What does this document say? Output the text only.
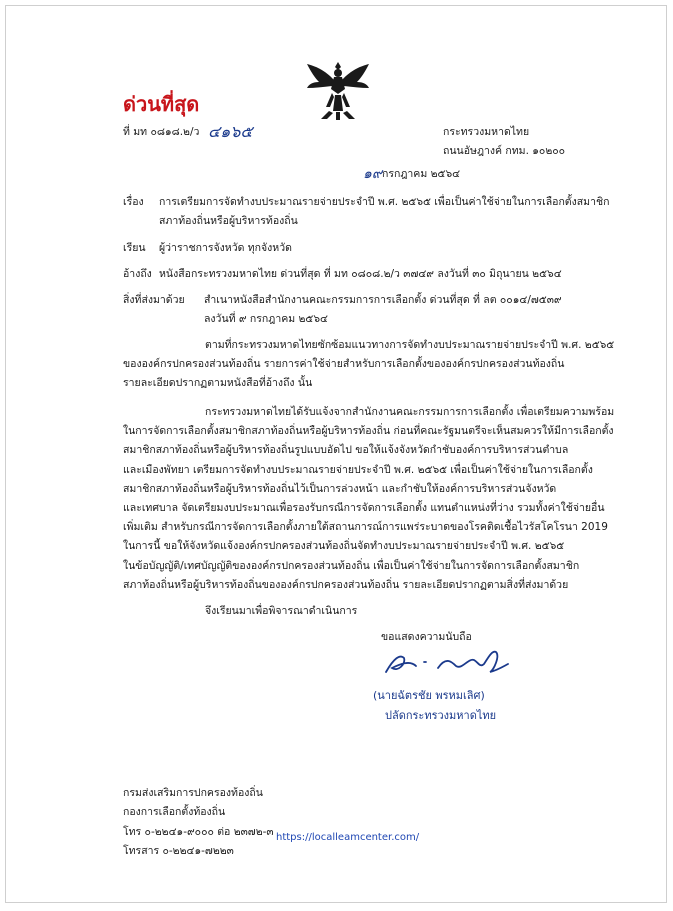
ด่วนที่สุด
ที่ มท ๐๘๑๘.๒/ว ๔๑๖๕	กระทรวงมหาดไทย
ถนนอัษฎางค์ กทม. ๑๐๒๐๐
๑๙ กรกฎาคม ๒๕๖๔
เรื่อง การเตรียมการจัดทำงบประมาณรายจ่ายประจำปี พ.ศ. ๒๕๖๕ เพื่อเป็นค่าใช้จ่ายในการเลือกตั้งสมาชิก
สภาท้องถิ่นหรือผู้บริหารท้องถิ่น
เรียน ผู้ว่าราชการจังหวัด ทุกจังหวัด
อ้างถึง หนังสือกระทรวงมหาดไทย ด่วนที่สุด ที่ มท ๐๘๐๘.๒/ว ๓๗๔๙ ลงวันที่ ๓๐ มิถุนายน ๒๕๖๔
สิ่งที่ส่งมาด้วย สำเนาหนังสือสำนักงานคณะกรรมการการเลือกตั้ง ด่วนที่สุด ที่ ลต ๐๐๑๔/๗๕๓๙
ลงวันที่ ๙ กรกฎาคม ๒๕๖๔
ตามที่กระทรวงมหาดไทยซักซ้อมแนวทางการจัดทำงบประมาณรายจ่ายประจำปี พ.ศ. ๒๕๖๕
ขององค์กรปกครองส่วนท้องถิ่น รายการค่าใช้จ่ายสำหรับการเลือกตั้งขององค์กรปกครองส่วนท้องถิ่น
รายละเอียดปรากฏตามหนังสือที่อ้างถึง นั้น
กระทรวงมหาดไทยได้รับแจ้งจากสำนักงานคณะกรรมการการเลือกตั้ง เพื่อเตรียมความพร้อม
ในการจัดการเลือกตั้งสมาชิกสภาท้องถิ่นหรือผู้บริหารท้องถิ่น ก่อนที่คณะรัฐมนตรีจะเห็นสมควรให้มีการเลือกตั้ง
สมาชิกสภาท้องถิ่นหรือผู้บริหารท้องถิ่นรูปแบบอัดไป ขอให้แจ้งจังหวัดกำชับองค์การบริหารส่วนตำบล
และเมืองพัทยา เตรียมการจัดทำงบประมาณรายจ่ายประจำปี พ.ศ. ๒๕๖๕ เพื่อเป็นค่าใช้จ่ายในการเลือกตั้ง
สมาชิกสภาท้องถิ่นหรือผู้บริหารท้องถิ่นไว้เป็นการล่วงหน้า และกำชับให้องค์การบริหารส่วนจังหวัด
และเทศบาล จัดเตรียมงบประมาณเพื่อรองรับกรณีการจัดการเลือกตั้ง แทนตำแหน่งที่ว่าง รวมทั้งค่าใช้จ่ายอื่น
เพิ่มเติม สำหรับกรณีการจัดการเลือกตั้งภายใต้สถานการณ์การแพร่ระบาดของโรคติดเชื้อไวรัสโคโรนา 2019
ในการนี้ ขอให้จังหวัดแจ้งองค์กรปกครองส่วนท้องถิ่นจัดทำงบประมาณรายจ่ายประจำปี พ.ศ. ๒๕๖๕
ในข้อบัญญัติ/เทศบัญญัติขององค์กรปกครองส่วนท้องถิ่น เพื่อเป็นค่าใช้จ่ายในการจัดการเลือกตั้งสมาชิก
สภาท้องถิ่นหรือผู้บริหารท้องถิ่นขององค์กรปกครองส่วนท้องถิ่น รายละเอียดปรากฏตามสิ่งที่ส่งมาด้วย
จึงเรียนมาเพื่อพิจารณาดำเนินการ
ขอแสดงความนับถือ
(นายฉัตรชัย พรหมเลิศ)
ปลัดกระทรวงมหาดไทย
กรมส่งเสริมการปกครองท้องถิ่น
กองการเลือกตั้งท้องถิ่น
โทร ๐-๒๒๔๑-๙๐๐๐ ต่อ ๒๓๗๒-๓
โทรสาร ๐-๒๒๔๑-๗๒๒๓
https://localleamcenter.com/
